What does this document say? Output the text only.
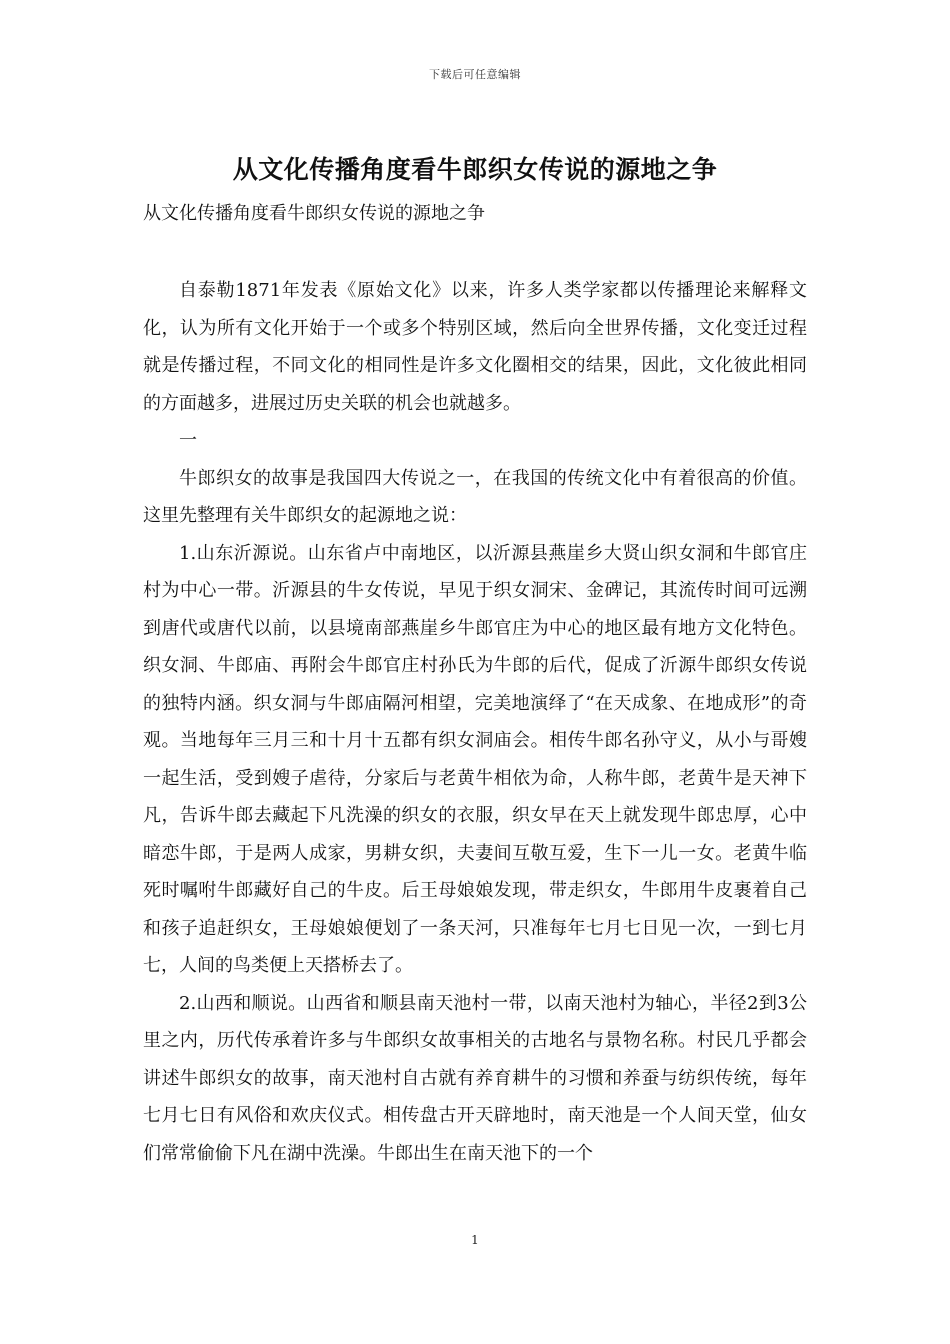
下载后可任意编辑
从文化传播角度看牛郎织女传说的源地之争
从文化传播角度看牛郎织女传说的源地之争

自泰勒1871年发表《原始文化》以来，许多人类学家都以传播理论来解释文化，认为所有文化开始于一个或多个特别区域，然后向全世界传播，文化变迁过程就是传播过程，不同文化的相同性是许多文化圈相交的结果，因此，文化彼此相同的方面越多，进展过历史关联的机会也就越多。

一

牛郎织女的故事是我国四大传说之一，在我国的传统文化中有着很高的价值。这里先整理有关牛郎织女的起源地之说：

1.山东沂源说。山东省卢中南地区，以沂源县燕崖乡大贤山织女洞和牛郎官庄村为中心一带。沂源县的牛女传说，早见于织女洞宋、金碑记，其流传时间可远溯到唐代或唐代以前，以县境南部燕崖乡牛郎官庄为中心的地区最有地方文化特色。织女洞、牛郎庙、再附会牛郎官庄村孙氏为牛郎的后代，促成了沂源牛郎织女传说的独特内涵。织女洞与牛郎庙隔河相望，完美地演绎了“在天成象、在地成形”的奇观。当地每年三月三和十月十五都有织女洞庙会。相传牛郎名孙守义，从小与哥嫂一起生活，受到嫂子虐待，分家后与老黄牛相依为命，人称牛郎，老黄牛是天神下凡，告诉牛郎去藏起下凡洗澡的织女的衣服，织女早在天上就发现牛郎忠厚，心中暗恋牛郎，于是两人成家，男耕女织，夫妻间互敬互爱，生下一儿一女。老黄牛临死时嘱咐牛郎藏好自己的牛皮。后王母娘娘发现，带走织女，牛郎用牛皮裹着自己和孩子追赶织女，王母娘娘便划了一条天河，只准每年七月七日见一次，一到七月七，人间的鸟类便上天搭桥去了。

2.山西和顺说。山西省和顺县南天池村一带，以南天池村为轴心，半径2到3公里之内，历代传承着许多与牛郎织女故事相关的古地名与景物名称。村民几乎都会讲述牛郎织女的故事，南天池村自古就有养育耕牛的习惯和养蚕与纺织传统，每年七月七日有风俗和欢庆仪式。相传盘古开天辟地时，南天池是一个人间天堂，仙女们常常偷偷下凡在湖中洗澡。牛郎出生在南天池下的一个

1
